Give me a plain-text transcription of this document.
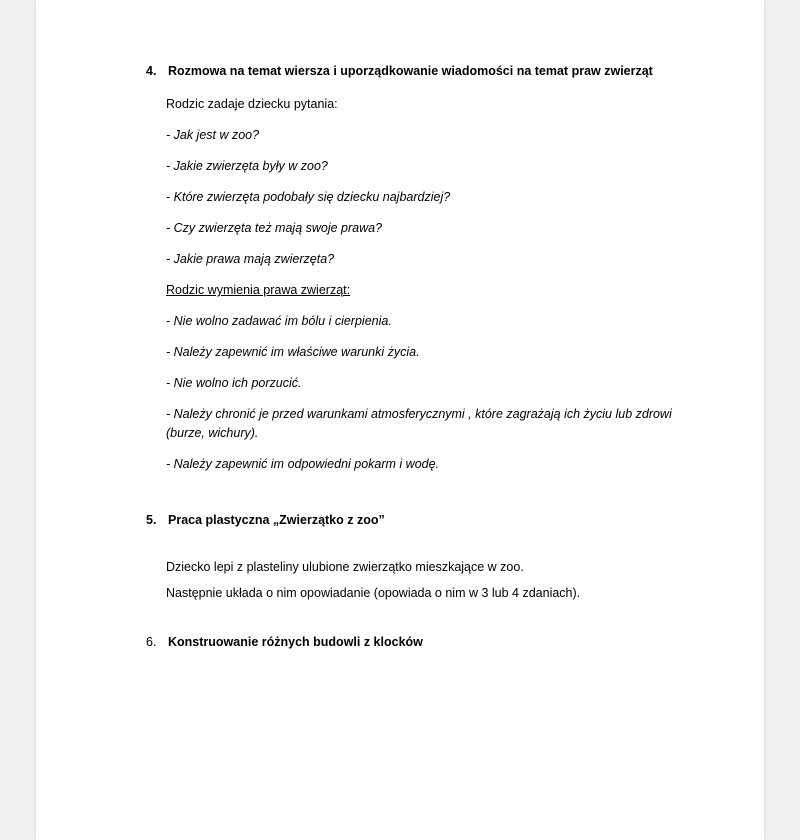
4. Rozmowa na temat wiersza i uporządkowanie wiadomości na temat praw zwierząt
Rodzic zadaje dziecku pytania:
- Jak jest w zoo?
- Jakie zwierzęta były w zoo?
- Które zwierzęta podobały się dziecku najbardziej?
- Czy zwierzęta też mają swoje prawa?
- Jakie prawa mają zwierzęta?
Rodzic wymienia prawa zwierząt:
- Nie wolno zadawać im bólu i cierpienia.
- Należy zapewnić im właściwe warunki życia.
- Nie wolno ich porzucić.
- Należy chronić je przed warunkami atmosferycznymi , które zagrażają ich życiu lub zdrowi (burze, wichury).
- Należy zapewnić im odpowiedni pokarm i wodę.
5. Praca plastyczna „Zwierzątko z zoo”
Dziecko lepi z plasteliny ulubione zwierzątko mieszkające w zoo.
Następnie układa o nim opowiadanie (opowiada o nim w 3 lub 4 zdaniach).
6. Konstruowanie różnych budowli z klocków
